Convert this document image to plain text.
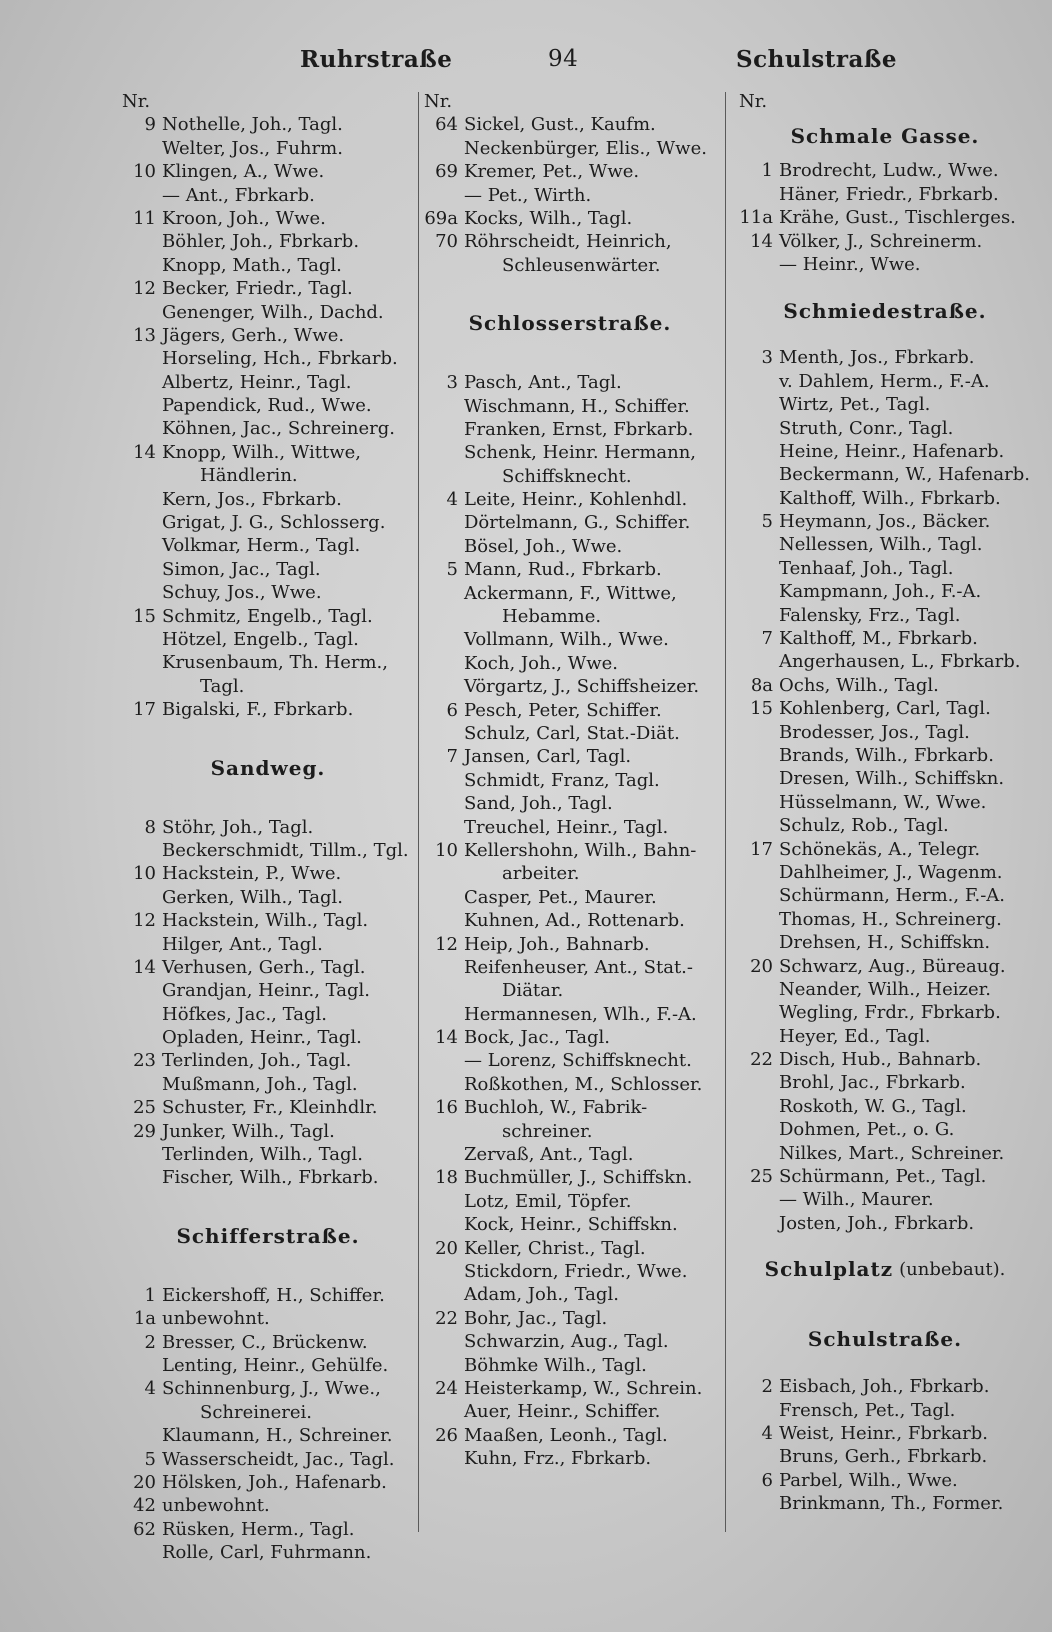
Ruhrstraße	94	Schulstraße
Nr.
9 Nothelle, Joh., Tagl.
Welter, Jos., Fuhrm.
10 Klingen, A., Wwe.
— Ant., Fbrkarb.
11 Kroon, Joh., Wwe.
Böhler, Joh., Fbrkarb.
Knopp, Math., Tagl.
12 Becker, Friedr., Tagl.
Genenger, Wilh., Dachd.
13 Jägers, Gerh., Wwe.
Horseling, Hch., Fbrkarb.
Albertz, Heinr., Tagl.
Papendick, Rud., Wwe.
Köhnen, Jac., Schreinerg.
14 Knopp, Wilh., Wittwe,
Händlerin.
Kern, Jos., Fbrkarb.
Grigat, J. G., Schlosserg.
Volkmar, Herm., Tagl.
Simon, Jac., Tagl.
Schuy, Jos., Wwe.
15 Schmitz, Engelb., Tagl.
Hötzel, Engelb., Tagl.
Krusenbaum, Th. Herm.,
Tagl.
17 Bigalski, F., Fbrkarb.
Sandweg.
8 Stöhr, Joh., Tagl.
Beckerschmidt, Tillm., Tgl.
10 Hackstein, P., Wwe.
Gerken, Wilh., Tagl.
12 Hackstein, Wilh., Tagl.
Hilger, Ant., Tagl.
14 Verhusen, Gerh., Tagl.
Grandjan, Heinr., Tagl.
Höfkes, Jac., Tagl.
Opladen, Heinr., Tagl.
23 Terlinden, Joh., Tagl.
Mußmann, Joh., Tagl.
25 Schuster, Fr., Kleinhdlr.
29 Junker, Wilh., Tagl.
Terlinden, Wilh., Tagl.
Fischer, Wilh., Fbrkarb.
Schifferstraße.
1 Eickershoff, H., Schiffer.
1a unbewohnt.
2 Bresser, C., Brückenw.
Lenting, Heinr., Gehülfe.
4 Schinnenburg, J., Wwe.,
Schreinerei.
Klaumann, H., Schreiner.
5 Wasserscheidt, Jac., Tagl.
20 Hölsken, Joh., Hafenarb.
42 unbewohnt.
62 Rüsken, Herm., Tagl.
Rolle, Carl, Fuhrmann.
Nr.
64 Sickel, Gust., Kaufm.
Neckenbürger, Elis., Wwe.
69 Kremer, Pet., Wwe.
— Pet., Wirth.
69a Kocks, Wilh., Tagl.
70 Röhrscheidt, Heinrich,
Schleusenwärter.
Schlosserstraße.
3 Pasch, Ant., Tagl.
Wischmann, H., Schiffer.
Franken, Ernst, Fbrkarb.
Schenk, Heinr. Hermann,
Schiffsknecht.
4 Leite, Heinr., Kohlenhdl.
Dörtelmann, G., Schiffer.
Bösel, Joh., Wwe.
5 Mann, Rud., Fbrkarb.
Ackermann, F., Wittwe,
Hebamme.
Vollmann, Wilh., Wwe.
Koch, Joh., Wwe.
Vörgartz, J., Schiffsheizer.
6 Pesch, Peter, Schiffer.
Schulz, Carl, Stat.-Diät.
7 Jansen, Carl, Tagl.
Schmidt, Franz, Tagl.
Sand, Joh., Tagl.
Treuchel, Heinr., Tagl.
10 Kellershohn, Wilh., Bahn-
arbeiter.
Casper, Pet., Maurer.
Kuhnen, Ad., Rottenarb.
12 Heip, Joh., Bahnarb.
Reifenheuser, Ant., Stat.-
Diätar.
Hermannesen, Wlh., F.-A.
14 Bock, Jac., Tagl.
— Lorenz, Schiffsknecht.
Roßkothen, M., Schlosser.
16 Buchloh, W., Fabrik-
schreiner.
Zervaß, Ant., Tagl.
18 Buchmüller, J., Schiffskn.
Lotz, Emil, Töpfer.
Kock, Heinr., Schiffskn.
20 Keller, Christ., Tagl.
Stickdorn, Friedr., Wwe.
Adam, Joh., Tagl.
22 Bohr, Jac., Tagl.
Schwarzin, Aug., Tagl.
Böhmke Wilh., Tagl.
24 Heisterkamp, W., Schrein.
Auer, Heinr., Schiffer.
26 Maaßen, Leonh., Tagl.
Kuhn, Frz., Fbrkarb.
Nr.
Schmale Gasse.
1 Brodrecht, Ludw., Wwe.
Häner, Friedr., Fbrkarb.
11a Krähe, Gust., Tischlerges.
14 Völker, J., Schreinerm.
— Heinr., Wwe.
Schmiedestraße.
3 Menth, Jos., Fbrkarb.
v. Dahlem, Herm., F.-A.
Wirtz, Pet., Tagl.
Struth, Conr., Tagl.
Heine, Heinr., Hafenarb.
Beckermann, W., Hafenarb.
Kalthoff, Wilh., Fbrkarb.
5 Heymann, Jos., Bäcker.
Nellessen, Wilh., Tagl.
Tenhaaf, Joh., Tagl.
Kampmann, Joh., F.-A.
Falensky, Frz., Tagl.
7 Kalthoff, M., Fbrkarb.
Angerhausen, L., Fbrkarb.
8a Ochs, Wilh., Tagl.
15 Kohlenberg, Carl, Tagl.
Brodesser, Jos., Tagl.
Brands, Wilh., Fbrkarb.
Dresen, Wilh., Schiffskn.
Hüsselmann, W., Wwe.
Schulz, Rob., Tagl.
17 Schönekäs, A., Telegr.
Dahlheimer, J., Wagenm.
Schürmann, Herm., F.-A.
Thomas, H., Schreinerg.
Drehsen, H., Schiffskn.
20 Schwarz, Aug., Büreaug.
Neander, Wilh., Heizer.
Wegling, Frdr., Fbrkarb.
Heyer, Ed., Tagl.
22 Disch, Hub., Bahnarb.
Brohl, Jac., Fbrkarb.
Roskoth, W. G., Tagl.
Dohmen, Pet., o. G.
Nilkes, Mart., Schreiner.
25 Schürmann, Pet., Tagl.
— Wilh., Maurer.
Josten, Joh., Fbrkarb.
Schulplatz (unbebaut).
Schulstraße.
2 Eisbach, Joh., Fbrkarb.
Frensch, Pet., Tagl.
4 Weist, Heinr., Fbrkarb.
Bruns, Gerh., Fbrkarb.
6 Parbel, Wilh., Wwe.
Brinkmann, Th., Former.
